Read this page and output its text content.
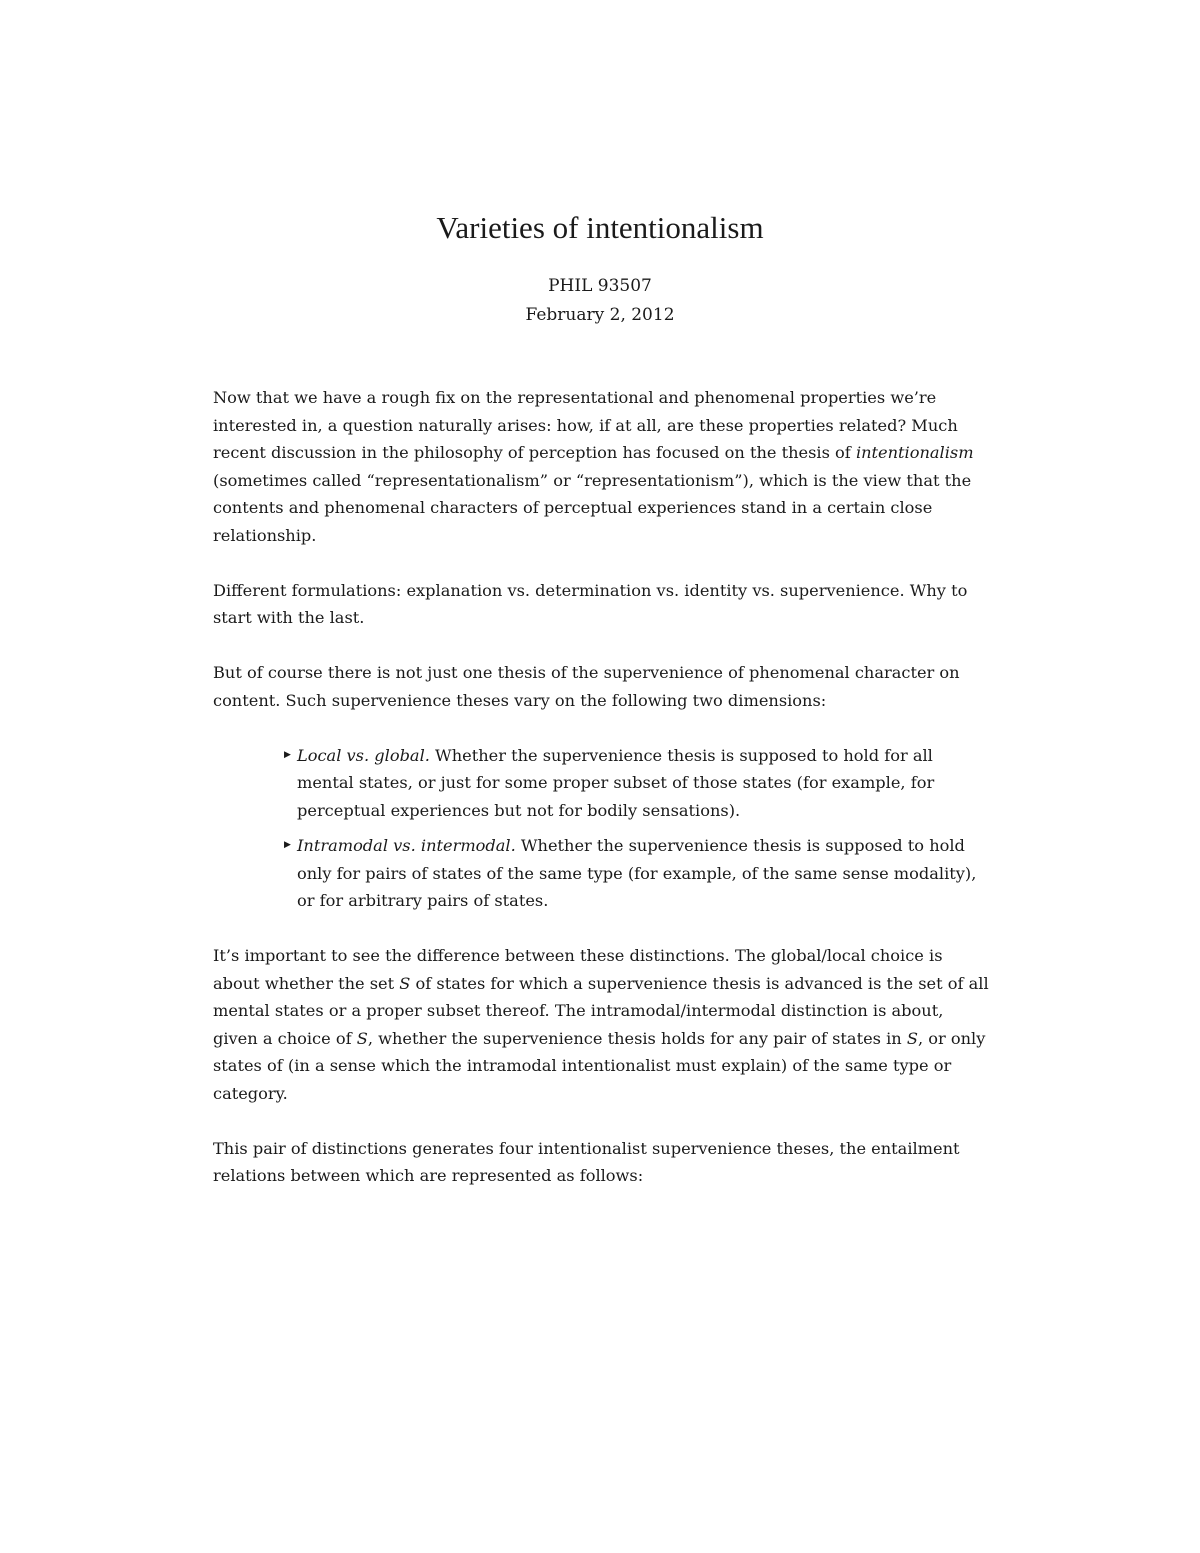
Varieties of intentionalism
PHIL 93507
February 2, 2012

Now that we have a rough fix on the representational and phenomenal properties we’re interested in, a question naturally arises: how, if at all, are these properties related? Much recent discussion in the philosophy of perception has focused on the thesis of intentionalism (sometimes called “representationalism” or “representationism”), which is the view that the contents and phenomenal characters of perceptual experiences stand in a certain close relationship.

Different formulations: explanation vs. determination vs. identity vs. supervenience. Why to start with the last.

But of course there is not just one thesis of the supervenience of phenomenal character on content. Such supervenience theses vary on the following two dimensions:

▶ Local vs. global. Whether the supervenience thesis is supposed to hold for all mental states, or just for some proper subset of those states (for example, for perceptual experiences but not for bodily sensations).
▶ Intramodal vs. intermodal. Whether the supervenience thesis is supposed to hold only for pairs of states of the same type (for example, of the same sense modality), or for arbitrary pairs of states.

It’s important to see the difference between these distinctions. The global/local choice is about whether the set S of states for which a supervenience thesis is advanced is the set of all mental states or a proper subset thereof. The intramodal/intermodal distinction is about, given a choice of S, whether the supervenience thesis holds for any pair of states in S, or only states of (in a sense which the intramodal intentionalist must explain) of the same type or category.

This pair of distinctions generates four intentionalist supervenience theses, the entailment relations between which are represented as follows:
